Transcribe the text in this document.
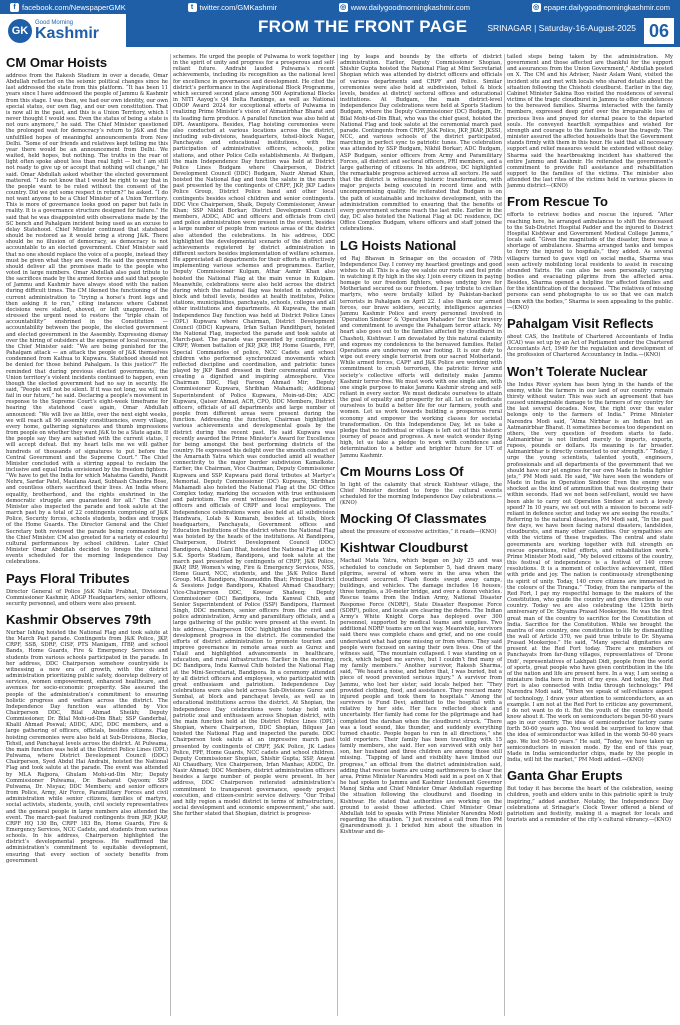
f facebook.com/NewspaperGMK	t twitter.com/GMKashmir	◎ www.dailygoodmorningkashmir.com	◎ epaper.dailygoodmorningkashmir.com
GK
Good Morning
Kashmir	FROM THE FRONT PAGE SRINAGAR | Saturday-16-August-2025 06
CM Omar Hoists
address from the Rakesh Stadium in over a decade, Omar Abdullah reflected on the seismic political changes since he last addressed the state from this platform. “It has been 11 years since I have addressed the people of Jammu & Kashmir from this stage. I was then, we had our own identity, our own special status, our own flag, and our own constitution. That is now all in the past, and this is a Union Territory, which I never thought I would see. Even the status of being a state is not ours anymore,” he said. The Chief Minister questioned the prolonged wait for democracy’s return to J&K and the unfulfilled hopes of meaningful announcements from New Delhi. “Some of our friends and relatives kept telling me this year there would be an announcement from Delhi. We waited, held hopes, but nothing. The truths in the rear of light often spoke about less than real light — but I am still not ready to give up or accept that nothing will change,” he said. Omar Abdullah asked whether the elected government mattered. “I do not know that I would be right to say that in the people want to be ruled without the consent of the country. Did we get some respect in return?” he asked. “I do not want anyone to be a Chief Minister of a Union Territory. This is more of governance looks good on paper but fails in reality. It is a governance structure designed for failure.” He said that he was disappointed with observations made by the SC bench and Pahalgam incident being used as an excuse to delay Statehood. Chief Minister continued that statehood should be restored as it would bring a strong J&K. There should be no illusion of democracy, as democracy is not accountable to an elected government. Chief Minister said that no one should replace the voice of a people, instead they must be given what they are owed. He said the government should deliver all the promises made to the people who voted in large numbers. Omar Abdullah also paid tribute to the sacrifices made by the armed forces and said that people of Jammu and Kashmir have always stood with the nation during difficult times. The CM likened the functioning of the current administration to “trying a horse’s front legs and then asking it to run,” citing instances where Cabinet decisions were stalled, shoved, or left unapproved. He stressed the urgent need to restore the “triple chain of accountability” enshrined in the Constitution — accountability between the people, the elected government and elected government in the Assembly. Expressing dismay over the hiring of outsiders at the expense of local resources, the Chief Minister said: “We are being punished for the Pahalgam attack — an attack the people of J&K themselves condemned from Kathua to Kupwara. Statehood should not be denied for those behind Pahalgam. Is this justice?” He reminded that during previous elected governments, the Union territory’s violent incidents continued to happen, even though the elected government had no say in security. He said, “People will not be silent. If it was not long, we will not fail in our future,” he said. Declaring a people’s movement in response to the Supreme Court’s eight-week timeframe for hearing the statehood case again, Omar Abdullah announced: “We will live as little, over the next eight weeks, we will reach all 90 assembly constituencies, every village, every home, gathering signatures and thumb impressions from people on whether they want J&K to be a State again. If the people say they are satisfied with the current status, I will accept defeat. But my heart tells me we will gather hundreds of thousands of signatures to put before the Central Government and the Supreme Court.” The Chief Minister concluded with a stirring appeal to reclaim the inclusive and equal India envisioned by the freedom fighters. “We have to get the India for which Mahatma Gandhi, Pandit Nehru, Sardar Patel, Maulana Azad, Subhash Chandra Bose, and countless others sacrificed their lives. An India where equality, brotherhood, and the rights enshrined in the democratic struggle are guaranteed for all.” The Chief Minister also inspected the parade and took salute at the march past by a total of 22 contingents comprising of J&K Police, Security forces, schools students, bodies and troops of the Home Guards. The Director General and the Chief Secretary both reviewed the parade being commanded by the Chief Minister. CM also greeted for a variety of colourful cultural performances by school children. Later Chief Minister Omar Abdullah decided to forego the cultural events scheduled for the morning Independence Day celebrations.
Pays Floral Tributes
Director General of Police J&K Nalin Prabhat, Divisional Commissioner Kashmir, ADGP Headquarters, senior officers, security personnel, and others were also present.
Kashmir Observes 79th
Nurbar Ishfaq hoisted the National Flag and took salute at the March Past parade. Contingents from J&K Police, JKP, CRPF, SSB, SDRF, CISF, PTS Manigam, ITBP, and school Bands, Home Guards, Fire & Emergency Services and students from various schools participated in the parade. In her address, DDC Chairperson somehow countryside is witnessing a new era of growth, with the district administration prioritizing public safety, doorstep delivery of services, women empowerment, enhanced healthcare, and avenues for socio-economic prosperity. She assured the people of the administration’s commitment to ensuring holistic progress and welfare across the district. The Independence Day function was attended by Vice Chairperson DDC, Bilal Ahmad Sheikh; Deputy Commissioner, Dr. Bilal Mohi-ud-Din Bhat; SSP Ganderbal, Khalil Ahmad Poswal; ADDC, ADC, DDC members, and a large gathering of officers, officials, besides citizens. Flag hoisting ceremonies were also held at Sub-Divisions, Blocks, Tehsil, and Panchayat levels across the district. At Pulwama, the main function was held at the District Police Lines (DPL) Pulwama, where District Development Council (DDC) Chairperson, Syed Abdul Hai Andrabi, hoisted the National Flag and took salute at the parade. The event was attended by MLA Rajpora, Ghulam Mohi-ud-Din Mir; Deputy Commissioner Pulwama, Dr. Basharat Qayoom; SSP Pulwama, Dr. Nisyaz; DDC Members; and senior officers from Police, Army, Air Force, Paramilitary Forces and civil administration while senior citizens, families of martyrs, social activists, students, youth, civil society representatives and the general people in large numbers also attended the event. The march-past featured contingents from JKP, JKAP, CRPF HQ 130 Bn, CRPF 183 Bn, Home Guards, Fire & Emergency Services, NCC Cadets, and students from various schools. In his address, Chairperson highlighted the district’s developmental progress. He reaffirmed the administration’s commitment to equitable development, ensuring that every section of society benefits from government
schemes. He urged the people of Pulwama to work together in the spirit of unity and progress for a prosperous and self-reliant future. Andrabi lauded Pulwama’s recent achievements, including its recognition as the national level for excellence in governance and development. He cited the district’s performance in the Aspirational Block Programme, which secured second place among 500 Aspirational Blocks in NITI Aayog’s Q4 Delta Rankings, as well as National ODOP Award 2024 for exceptional efforts of Pulwama in realizing Prime Minister’s vision of Atmanirbhar Bharat and its leading farm produce. A parallel function was also held at DPL Awantipora. Besides, Flag hoisting ceremonies were also conducted at various locations across the district, including sub-divisions, headquarters, tehsil-block Nagar, Panchayats and educational institutions, with the participation of administrative officers, schools, police stations, and other Police Cells establishments. At Budgam, the main Independence Day function was held at District Police Lines Budgam where Chairperson, District Development Council (DDC) Budgam, Nazir Ahmad Khan, hoisted the National flag and took the salute in the march past presented by the contingents of CRPF, JKP, JKP Ladies Police Group, District Police band and other local contingents besides school children and senior contingents. DDC Vice Chairperson, Shaik, Deputy Commissioner, Anwar Khan; SSP Nikhil Borkar; District Development Council members, ADDC, ADC and officers and officials from civil and police administration were present in the event, besides a large number of people from various areas of the district also attended the celebrations. In his address, DDC highlighted the developmental scenario of the district and achievements registered by district administration in different sectors besides implementation of welfare schemes. He appreciated all departments for their efforts in effectively implementing various schemes and programmes. Earlier, Deputy Commissioner Kulgam, Athar Aamir Khan also hoisted the National Flag at the main venue in Kulgam. Meanwhile, celebrations were also held across the district during which the national flag was hoisted in subdivision, block and tehsil levels, besides at health institutes, Police stations, municipalities, panchayats, schools, colleges and all other institutions and departments. At Kupwara, the main Independence Day function was held at District Police Lines (DPL) Kupwara where Chairman, District Development Council (DDC) Kupwara, Irfan Sultan Pandithpuri, hoisted the National Flag, inspected the parade and took salute at March-past. The parade was presented by contingents of CRPF, Women battalion of JKP, JKP, IRP, Home Guards, FPF, Special Commandos of police, NCC Cadets and school children who performed synchronized movements which reflected discipline and coordination, and patriotic tunes played by JKP Band dressed in their ceremonial uniforms creating a dignified and inspiring atmosphere. Vice Chairman DDC, Haji Farooq Ahmad Mir; Deputy Commissioner Kupwara, Shribhan Mahamadi; Additional Superintendent of Police Kupwara, Moin-ud-Din; ADC Kupwara, Qaiser Ahmad, ACR, CPO, DDC Members, District officers, officials of all departments and large number of people from different areas were present during the function. Addressing the function, Chairman highlighted various achievements and developmental goals by the district during the recent past. He said Kupwara was recently awarded the Prime Minister’s Award for Excellence for being amongst the best performing districts of the country. He expressed his delight over the smooth conduct of the Amarnath Yatra which was conducted amid all weather connectivity to the major border subdivision Kamalkote. Earlier, the Chairman, Vice Chairman, Deputy Commissioner Kupwara and SSP Kupwara paid floral tributes at Martyr’s Memorial. Deputy Commissioner (DC) Kupwara, Shribhan Mahamadi also hoisted the National Flag at the DC Office Complex today, marking the occasion with true enthusiasm and patriotism. The event witnessed the participation of officers and officials of CRPF and local employees. The Independence celebrations were also held at all subdivision Handwara, Lolab & Kumarah, besides at tehsils, block headquarters, Panchayats, Government offices and Education Institutions of the district where the National Flag was hoisted by the heads of the institutions. At Bandipora, Chairperson, District Development Council (DDC) Bandipora, Abdul Gani Bhat, hoisted the National Flag at the S.K. Sports Stadium, Bandipora, and took salute at the march past presented by contingents of CRPF, J&K Police, JKAP, IRP, Women’s wing, Fire & Emergency Services, NSS, Home Guard, NCC, students, and the J&K Police Band Group. MLA Bandipora, Nizamuddin Bhat; Principal District & Sessions Judge Bandipora, Khateel Ahmad Chaudhary; Vice-Chairperson DDC, Kowsar Shafeeq; Deputy Commissioner (DC) Bandipora, Indu Kanwal Chib, and Senior Superintendent of Police (SSP) Bandipora, Harmeet Singh, DDC members, senior officers from the civil and police administration, Army and paramilitary officials, and a large gathering of the public were present at the event. In his address, Chairperson DDC highlighted the remarkable development progress in the district. He commended the efforts of district administration to promote tourism and improve governance in remote areas such as Gurez and Tulail and highlighted advancements in healthcare, education, and rural infrastructure. Earlier in the morning, DC Bandipora, Indu Kanwal Chib hoisted the National Flag at the Mini-Secretariat, Bandipora. In a ceremony attended by all district officers and employees, who participated with great enthusiasm and patriotism. Independence Day celebrations were also held across Sub-Divisions Gurez and Sumbal, at block and panchayat levels, as well as in educational institutions across the district. At Shopian, the Independence Day celebrations were today held with patriotic zeal and enthusiasm across Shopian district, with the main function held at the District Police Lines (DPL) Shopian, where Chairperson, DDC Shopian, Bilques Jan hoisted the National Flag and inspected the parade. DDC Chairperson took salute at an impressive march past presented by contingents of CRPF, J&K Police, JK Ladies Police, FPF, Home Guards, NCC cadets and school children. Deputy Commissioner Shopian, Shishir Gupta; SSP, Anayat Ali Chaudhary, Vice Chairperson, Irfan Manhas; ADDC, Dr. Nasir Ahmad; DDC Members, district administration officers besides a large number of people were present. In her address, DDC Chairperson reiterated administration’s commitment to transparent governance, speedy project execution, and citizen-centric service delivery. “Our Tribal and hilly region a model district in terms of infrastructure, social development and economic empowerment,” she said. She further stated that Shopian, district is progress-
ing by leaps and bounds by the efforts of district administration. Earlier, Deputy Commissioner Shopian, Shishir Gupta hoisted the National Flag at Mini Secretariat Shopian which was attended by district officers and officials of various departments and CRPF and Police. Similar ceremonies were also held at subdivision, tehsil & block levels, besides at district/ sectoral offices and educational institutions. At Budgam, the main district-level Independence Day celebrations were held at Sports Stadium Budgam, where the Deputy Commissioner (DC) Budgam, Dr. Bilal Mohi-ud-Din Bhat, who was the chief guest, hoisted the National Flag and took salute at the ceremonial march past parade. Contingents from CRPF, J&K Police, JKP, JKAP, JKSSI, NCC, and various schools of the district participated, marching in perfect sync to patriotic tunes. The celebration was attended by SSP Budgam, Nikhil Borkar; ADC Budgam, ASP Budgam, senior officers from Army and Paramilitary Forces, all district and sectoral officers, PRI members, and a large gathering of citizens. In his address, DC highlighted the remarkable progress achieved across all sectors. He said that the district is witnessing historic transformation, with major projects being executed in record time and with uncompromising quality. He reiterated that Budgam is on the path of sustainable and inclusive development, with the administration committed to ensuring that the benefits of every government scheme reach the last mile. Earlier in the day, DC also hoisted the National Flag at DC residence, DC Office Complex Budgam, where officers and staff joined the celebrations.
LG Hoists National
ed Raj Bhavan in Srinagar on the occasion of 79th Independence Day. I convey my heartiest greetings and good wishes to all. This is a day we salute our roots and feel pride in watching it fly high in the sky. I join every citizen in paying homage to our freedom fighters, whose undying love for Motherland secured us our freedom. I pay tribute to civilian martyrs, who were brutally killed by Pakistan-backed terrorists in Pahalgam on April 22. I also thank our armed forces, our brave soldiers, security, intelligence agencies Jammu Kashmir Police and every personnel involved in ‘Operation Sindoor’ & ‘Operation Mahadev’ for their bravery and commitment to avenge the Pahalgam terror attack. My heart also goes out to the families affected by cloudburst in Chashoti, Kishtwar. I am devastated by this natural calamity and express my condolences to the bereaved families. Relief Operations are underway on war footing. It is our duty to wipe out every single terrorist from our sacred Motherland. While armed forces, CAPF and J&K Police are working with commitment to crush terrorism, the patriotic fervor and society’s collective efforts will definitely make Jammu Kashmir terror-free. We must work with one single aim, with one single purpose to make Jammu Kashmir strong and self-reliant in every sector. We must dedicate ourselves to attain the goal of equality and prosperity for all. Let us rededicate ourselves to build a better life for our farmers, youth and women. Let us work towards building a prosperous rural economy and empower the working classes for societal transformation. On this Independence Day, let us take a pledge that no individual or village is left out of this historic journey of peace and progress. A new watch wonder flying high, let us take a pledge to work with confidence and determination to a better and brighter future for UT of Jammu Kashmir.
Cm Mourns Loss Of
In light of the calamity that struck Kishtwar village, the Chief Minister decided to forgo the cultural events scheduled for the morning Independence Day celebrations.—(KNO)
Mocking Of Classmates
about the pressure of excessive activities,” it reads—(KNO)
Kishtwar Cloudburst
Machail Mata Yatra, which began on July 25 and was scheduled to conclude on September 5, had drawn many pilgrims, several of whom were in the area when the cloudburst occurred. Flash floods swept away camps, buildings, and vehicles. The damage includes 16 houses, three temples, a 30-meter bridge, and over a dozen vehicles. Rescue teams from the Indian Army, National Disaster Response Force (NDRF), State Disaster Response Force (SDRF), police, and locals are clearing the debris. The Indian Army’s White Knight Corps has deployed over 300 personnel, supported by medical teams and supplies. Two additional NDRF teams are on the way. Meanwhile, survivors said there was complete chaos and grief, and no one could understand what had gone missing or from where. They said people were focused on saving their own lives. One of the witness said, “The mountain collapsed. I was standing on a rock, which helped me survive, but I couldn’t find many of my family members.” Another survivor, Rakesh Sharma, said, “We heard a noise, and before that, I was buried, but a piece of wood prevented serious injury.” A survivor from Jammu, who lost her sister, said locals helped her. “They provided clothing, food, and assistance. They rescued many injured people and took them to hospitals.” Among the survivors is Fund Devi, admitted to the hospital with a relative by her side. Her face reflected shock and uncertainty. Her family had come for the pilgrimage and had completed the darshan when the cloudburst struck. “There was a loud sound, like thunder, and suddenly everything turned chaotic. People began to run in all directions,” she told reporters. Their family has been travelling with 15 family members, she said. Her son survived with only her son, her husband and three children are among those still missing. “Tapping of land and visibility have limited our progress,” an official from the district administration said, adding that rescue teams are using earthmovers to clear the area. Prime Minister Narendra Modi said in a post on X that he had spoken to Jammu and Kashmir Lieutenant Governor Manoj Sinha and Chief Minister Omar Abdullah regarding the situation following the cloudburst and flooding in Kishtwar. He stated that authorities are working on the ground to assist those affected. Chief Minister Omar Abdullah told to speaks with Prime Minister Narendra Modi regarding the situation. “I just received a call from Hon PM @narendramodi ji. I briefed him about the situation in Kishtwar and de-
tailed steps being taken by the administration. My government and those affected are thankful for the support and assurances from the Union Government,” Abdullah posted on X. The CM and his Adviser, Nasir Aslam Wani, visited the incident site and met with locals who shared details about the situation following the Chishoti cloudburst. Earlier in the day, Cabinet Minister Sakina Itoo visited the residences of several victims of the tragic cloudburst in Jammu to offer condolences to the bereaved families. Sharma interacted with the family members, expressed deep grief over the irreparable loss of precious lives and prayed for eternal peace to the departed souls. He conveyed heartfelt sympathies and wished for strength and courage to the families to bear the tragedy. The minister assured the affected households that the Government stands firmly with them in this hour. He said that all necessary support and relief measures would be extended without delay. Sharma said the heartbreaking incident has shattered the entire Jammu and Kashmir. He reiterated the government’s commitment to provide full assistance and rehabilitation support to the families of the victims. The minister also attended the last rites of the victims held in various places in Jammu district—(KNO)
From Rescue To
efforts to retrieve bodies and rescue the injured. “After reaching here, he arranged ambulances to shift the deceased to the Sub-District Hospital Padder and the injured to District Hospital Kishtwar and Government Medical College Jammu,” locals said. “Given the magnitude of the disaster, there was a shortage of ambulances. Sharma arranged tanks and tempos to ferry the injured to hospitals,” they added. As several villagers turned to gave vigil on social media, Sharma was seen actively mobilizing local residents to assist in rescuing stranded Yatris. He can also be seen personally carrying bodies and evacuating pilgrims from the affected area. Besides, Sharma opened a helpline for affected families and for the identification of the deceased. “The relatives of missing persons can send photographs to us so that we can match them with the bodies,” Sharma is seen appealing to the public.—(KNO)
Pahalgam Visit Reflects
about CAS, the Institute of Chartered Accountants of India (ICAI) was set up by an Act of Parliament under the Chartered Accountants Act, 1949 for the regulation and development of the profession of Chartered Accountancy in India.—(KNO)
Won’t Tolerate Nuclear
the Indus River system has been lying in the hands of the enemy, while the farmers in our land of our country remain thirsty without water. This was such an agreement that has caused unimaginable damage to the farmers of my country for the last several decades. Now, the right over the water belongs only to the farmers of India.” Prime Minister Narendra Modi said, “Atma Nirbhar is an Indian but an Aatmanirbhar Bharat. It sometimes becomes too dependent on others, the very question of freedom starts to fade. Aatmanirbhar is not limited merely to imports, exports, rupees, pounds or dollars. Its meaning is far broader. Aatmanirbhar is directly connected to our strength.” “Today, I urge the young scientists, talented youth, engineers, professionals and all departments of the government that we should have our jet engines for our own Made in India fighter jets,” PM Modi said. He said, “We have seen the wonders of Made in India in Operation Sindoor. Even the enemy was shocked as the kind of ammunition that was destroying their within seconds. Had we not been self-reliant, would we have been able to carry out Operation Sindoor at such a lovely speed? In 10 years, we set out with a mission to become self-reliant in defence sector, and today we are seeing the results.” Referring to the natural disasters, PM Modi said, “In the past few days, we have been facing natural disasters, landslides, cloudbursts, and many other calamities. Our sympathies are with the victims of these tragedies. The central and state governments are working together with full strength on rescue operations, relief efforts, and rehabilitation work.” Prime Minister Modi said, “My beloved citizens of the country, this festival of independence is a festival of 140 crore resolutions. It is a moment of collective achievement, filled with pride and joy. The nation is continuously strengthening its spirit of unity. Today, 140 crore citizens are immersed in the colours of the Tiranga.” “Today, from the ramparts of the Red Fort, I pay my respectful homage to the makers of the Constitution, who guide the country and give direction to our country. Today we are also celebrating the 125th birth anniversary of Dr. Shyama Prasad Mookerjee. He was the first great man of the country to sacrifice for the Constitution of India. Sacrifice for the Constitution. While we brought the mantra of one country, one constitution to life by dismantling the wall of Article 370, we paid true tribute to Dr. Shyama Prasad Mookerjee.” He said, “Many special dignitaries are present at the Red Fort today. There are members of Panchayats from far-flung villages, representatives of ‘Drone Didi’, representatives of Lakhpati Didi, people from the world of sports, great people who have given contribution in the life of the nation and life are present here. In a way, I am seeing a miniature India here in front of my eyes. And today, the Red Fort is also connected with India through technology.” PM Narendra Modi said, “When we speak of self-reliance aspect of technology, I draw your attention to semiconductors, as an example. I am not at the Red Fort to criticize any government, I do not want to do it. But the youth of the country should know about it. The work on semiconductors began 50-60 years ago in our country. The idea of semiconductor factory came forth 50-60 years ago. You would be surprised to know that the idea of semiconductor was killed in the womb 50-60 years ago. We lost 50-60 years.” He said, “Today, we have taken up semiconductors in mission mode. By the end of this year, Made in India semiconductor chips, made by the people in India, will hit the market,” PM Modi added.—(KNO)
Ganta Ghar Erupts
But today it has become the heart of the celebration, seeing children, youth and elders unite in this patriotic spirit is truly inspiring,” added another. Notably, the Independence Day celebrations at Srinagar’s Clock Tower offered a blend of patriotism and festivity, making it a magnet for locals and tourists and a reminder of the city’s cultural vibrancy.—(KNO)
